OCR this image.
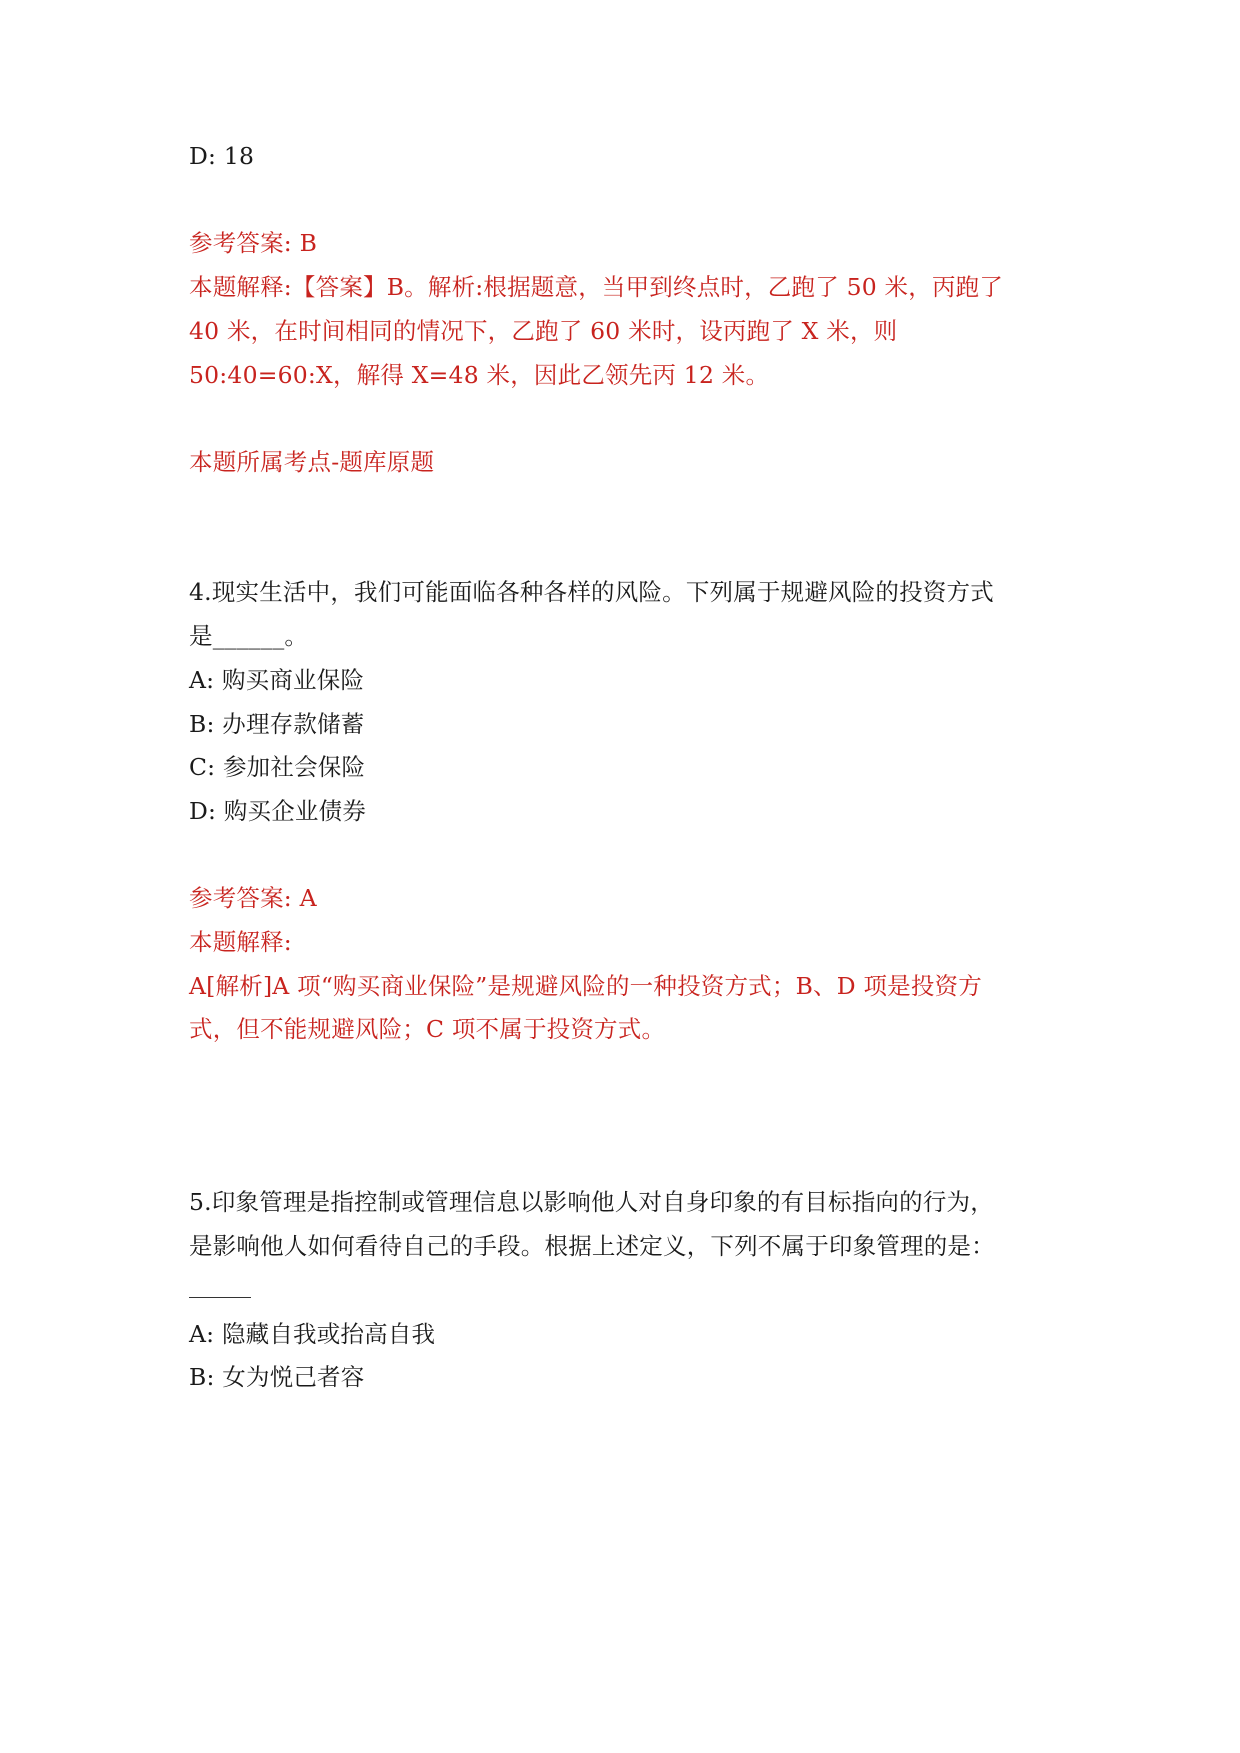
D: 18
参考答案: B
本题解释:【答案】B。解析:根据题意，当甲到终点时，乙跑了 50 米，丙跑了
40 米，在时间相同的情况下，乙跑了 60 米时，设丙跑了 X 米，则
50:40=60:X，解得 X=48 米，因此乙领先丙 12 米。
本题所属考点-题库原题
4.现实生活中，我们可能面临各种各样的风险。下列属于规避风险的投资方式
是______。
A: 购买商业保险
B: 办理存款储蓄
C: 参加社会保险
D: 购买企业债券
参考答案: A
本题解释:
A[解析]A 项“购买商业保险”是规避风险的一种投资方式；B、D 项是投资方
式，但不能规避风险；C 项不属于投资方式。
5.印象管理是指控制或管理信息以影响他人对自身印象的有目标指向的行为，
是影响他人如何看待自己的手段。根据上述定义，下列不属于印象管理的是：
A: 隐藏自我或抬高自我
B: 女为悦己者容
